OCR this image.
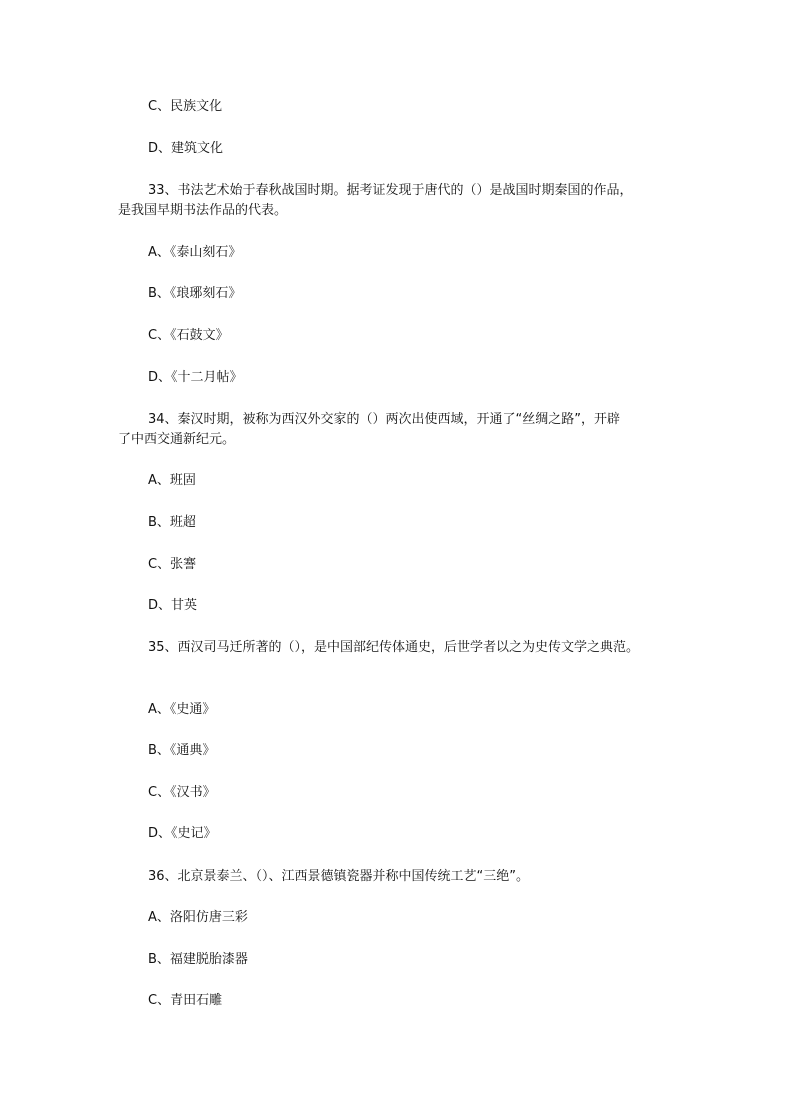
C、民族文化
D、建筑文化
33、书法艺术始于春秋战国时期。据考证发现于唐代的（）是战国时期秦国的作品，
是我国早期书法作品的代表。
A、《泰山刻石》
B、《琅琊刻石》
C、《石鼓文》
D、《十二月帖》
34、秦汉时期，被称为西汉外交家的（）两次出使西域，开通了“丝绸之路”，开辟
了中西交通新纪元。
A、班固
B、班超
C、张謇
D、甘英
35、西汉司马迁所著的（），是中国部纪传体通史，后世学者以之为史传文学之典范。
A、《史通》
B、《通典》
C、《汉书》
D、《史记》
36、北京景泰兰、（）、江西景德镇瓷器并称中国传统工艺“三绝”。
A、洛阳仿唐三彩
B、福建脱胎漆器
C、青田石雕
